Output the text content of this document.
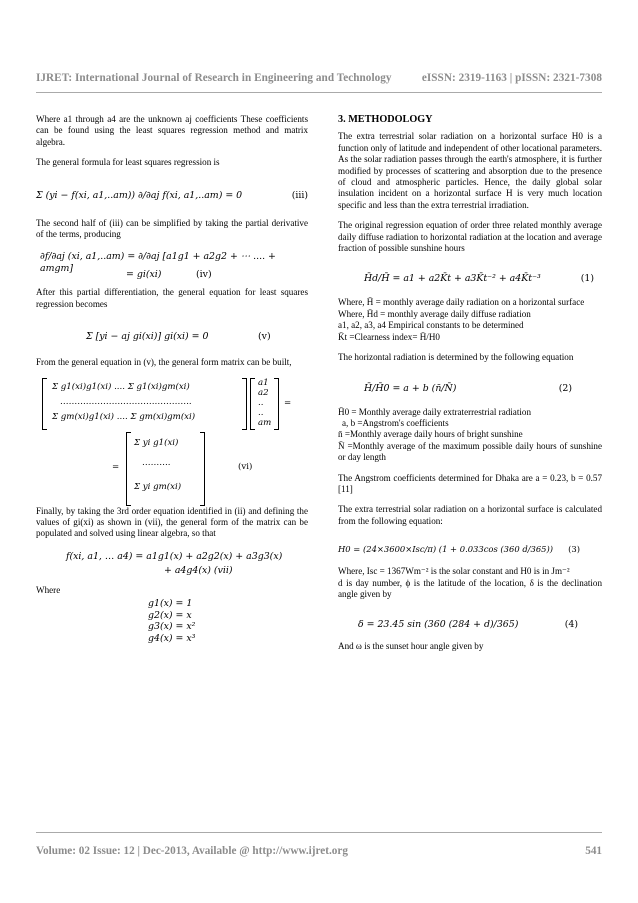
IJRET: International Journal of Research in Engineering and Technology	eISSN: 2319-1163 | pISSN: 2321-7308

Where a1 through a4 are the unknown aj coefficients These coefficients can be found using the least squares regression method and matrix algebra.

The general formula for least squares regression is

Σ (yi − f(xi, a1,..am)) ∂/∂aj f(xi, a1,..am) = 0	(iii)

The second half of (iii) can be simplified by taking the partial derivative of the terms, producing

∂f/∂aj (xi, a1,..am) = ∂/∂aj [a1g1 + a2g2 + ⋯ .... + amgm]
= gi(xi)	(iv)

After this partial differentiation, the general equation for least squares regression becomes

Σ [yi − aj gi(xi)] gi(xi) = 0	(v)

From the general equation in (v), the general form matrix can be built,

Σ g1(xi)g1(xi) .... Σ g1(xi)gm(xi)
……………………………………….
Σ gm(xi)g1(xi) .... Σ gm(xi)gm(xi)
a1
a2
..
..
am
=
Σ yi g1(xi)
……….
Σ yi gm(xi)
=	(vi)

Finally, by taking the 3rd order equation identified in (ii) and defining the values of gi(xi) as shown in (vii), the general form of the matrix can be populated and solved using linear algebra, so that

f(xi, a1, … a4) = a1g1(x) + a2g2(x) + a3g3(x)
+ a4g4(x) (vii)

Where

g1(x) = 1
g2(x) = x
g3(x) = x²
g4(x) = x³
3. METHODOLOGY

The extra terrestrial solar radiation on a horizontal surface H0 is a function only of latitude and independent of other locational parameters. As the solar radiation passes through the earth's atmosphere, it is further modified by processes of scattering and absorption due to the presence of cloud and atmospheric particles. Hence, the daily global solar insulation incident on a horizontal surface H is very much location specific and less than the extra terrestrial irradiation.

The original regression equation of order three related monthly average daily diffuse radiation to horizontal radiation at the location and average fraction of possible sunshine hours

H̄d/H̄ = a1 + a2K̄t + a3K̄t⁻² + a4K̄t⁻³	(1)

Where, H̄ = monthly average daily radiation on a horizontal surface

Where, H̄d = monthly average daily diffuse radiation

a1, a2, a3, a4 Empirical constants to be determined

K̄t =Clearness index= H̄/H0

The horizontal radiation is determined by the following equation

H̄/H̄0 = a + b (n̄/N̄)	(2)

H̄0 = Monthly average daily extraterrestrial radiation

a, b =Angstrom's coefficients

n̄ =Monthly average daily hours of bright sunshine

N̄ =Monthly average of the maximum possible daily hours of sunshine or day length

The Angstrom coefficients determined for Dhaka are a = 0.23, b = 0.57 [11]

The extra terrestrial solar radiation on a horizontal surface is calculated from the following equation:

H0 = (24×3600×Isc/π) (1 + 0.033cos (360 d/365)) (3)

Where, Isc = 1367Wm⁻² is the solar constant and H0 is in Jm⁻²

d is day number, ϕ is the latitude of the location, δ is the declination angle given by

δ = 23.45 sin (360 (284 + d)/365)	(4)

And ω is the sunset hour angle given by

Volume: 02 Issue: 12 | Dec-2013, Available @ http://www.ijret.org	541
